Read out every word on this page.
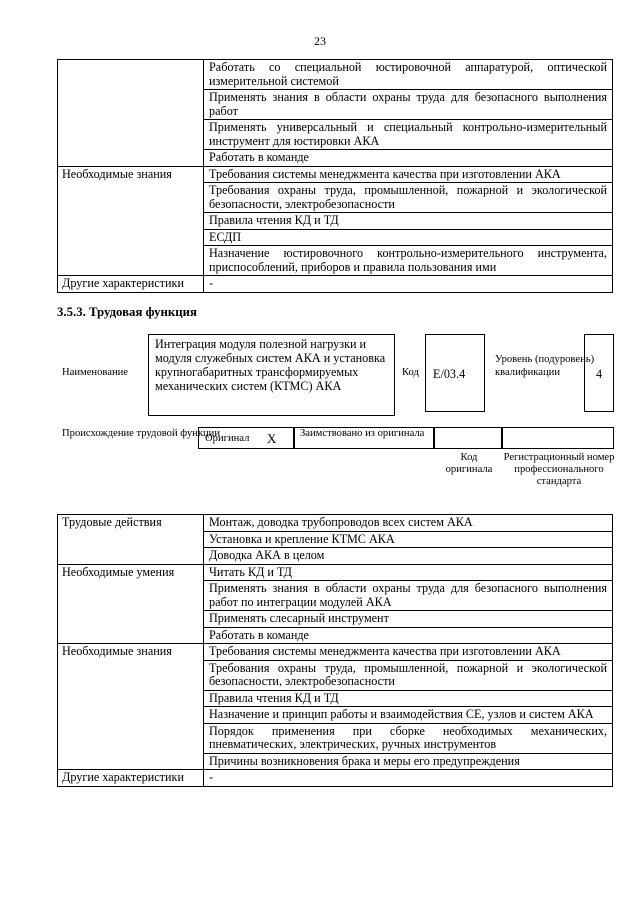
23
	Работать со специальной юстировочной аппаратурой, оптической измерительной системой
	Применять знания в области охраны труда для безопасного выполнения работ
	Применять универсальный и специальный контрольно-измерительный инструмент для юстировки АКА
	Работать в команде
Необходимые знания	Требования системы менеджмента качества при изготовлении АКА
	Требования охраны труда, промышленной, пожарной и экологической безопасности, электробезопасности
	Правила чтения КД и ТД
	ЕСДП
	Назначение юстировочного контрольно-измерительного инструмента, приспособлений, приборов и правила пользования ими
Другие характеристики	-
3.5.3. Трудовая функция
Наименование
Интеграция модуля полезной нагрузки и модуля служебных систем АКА и установка крупногабаритных трансформируемых механических систем (КТМС) АКА
Код Е/03.4
Уровень (подуровень) квалификации	4
Происхождение трудовой функции
Оригинал X Заимствовано из оригинала
Код оригинала
Регистрационный номер профессионального стандарта
Трудовые действия	Монтаж, доводка трубопроводов всех систем АКА
	Установка и крепление КТМС АКА
	Доводка АКА в целом
Необходимые умения	Читать КД и ТД
	Применять знания в области охраны труда для безопасного выполнения работ по интеграции модулей АКА
	Применять слесарный инструмент
	Работать в команде
Необходимые знания	Требования системы менеджмента качества при изготовлении АКА
	Требования охраны труда, промышленной, пожарной и экологической безопасности, электробезопасности
	Правила чтения КД и ТД
	Назначение и принцип работы и взаимодействия СЕ, узлов и систем АКА
	Порядок применения при сборке необходимых механических, пневматических, электрических, ручных инструментов
	Причины возникновения брака и меры его предупреждения
Другие характеристики	-
